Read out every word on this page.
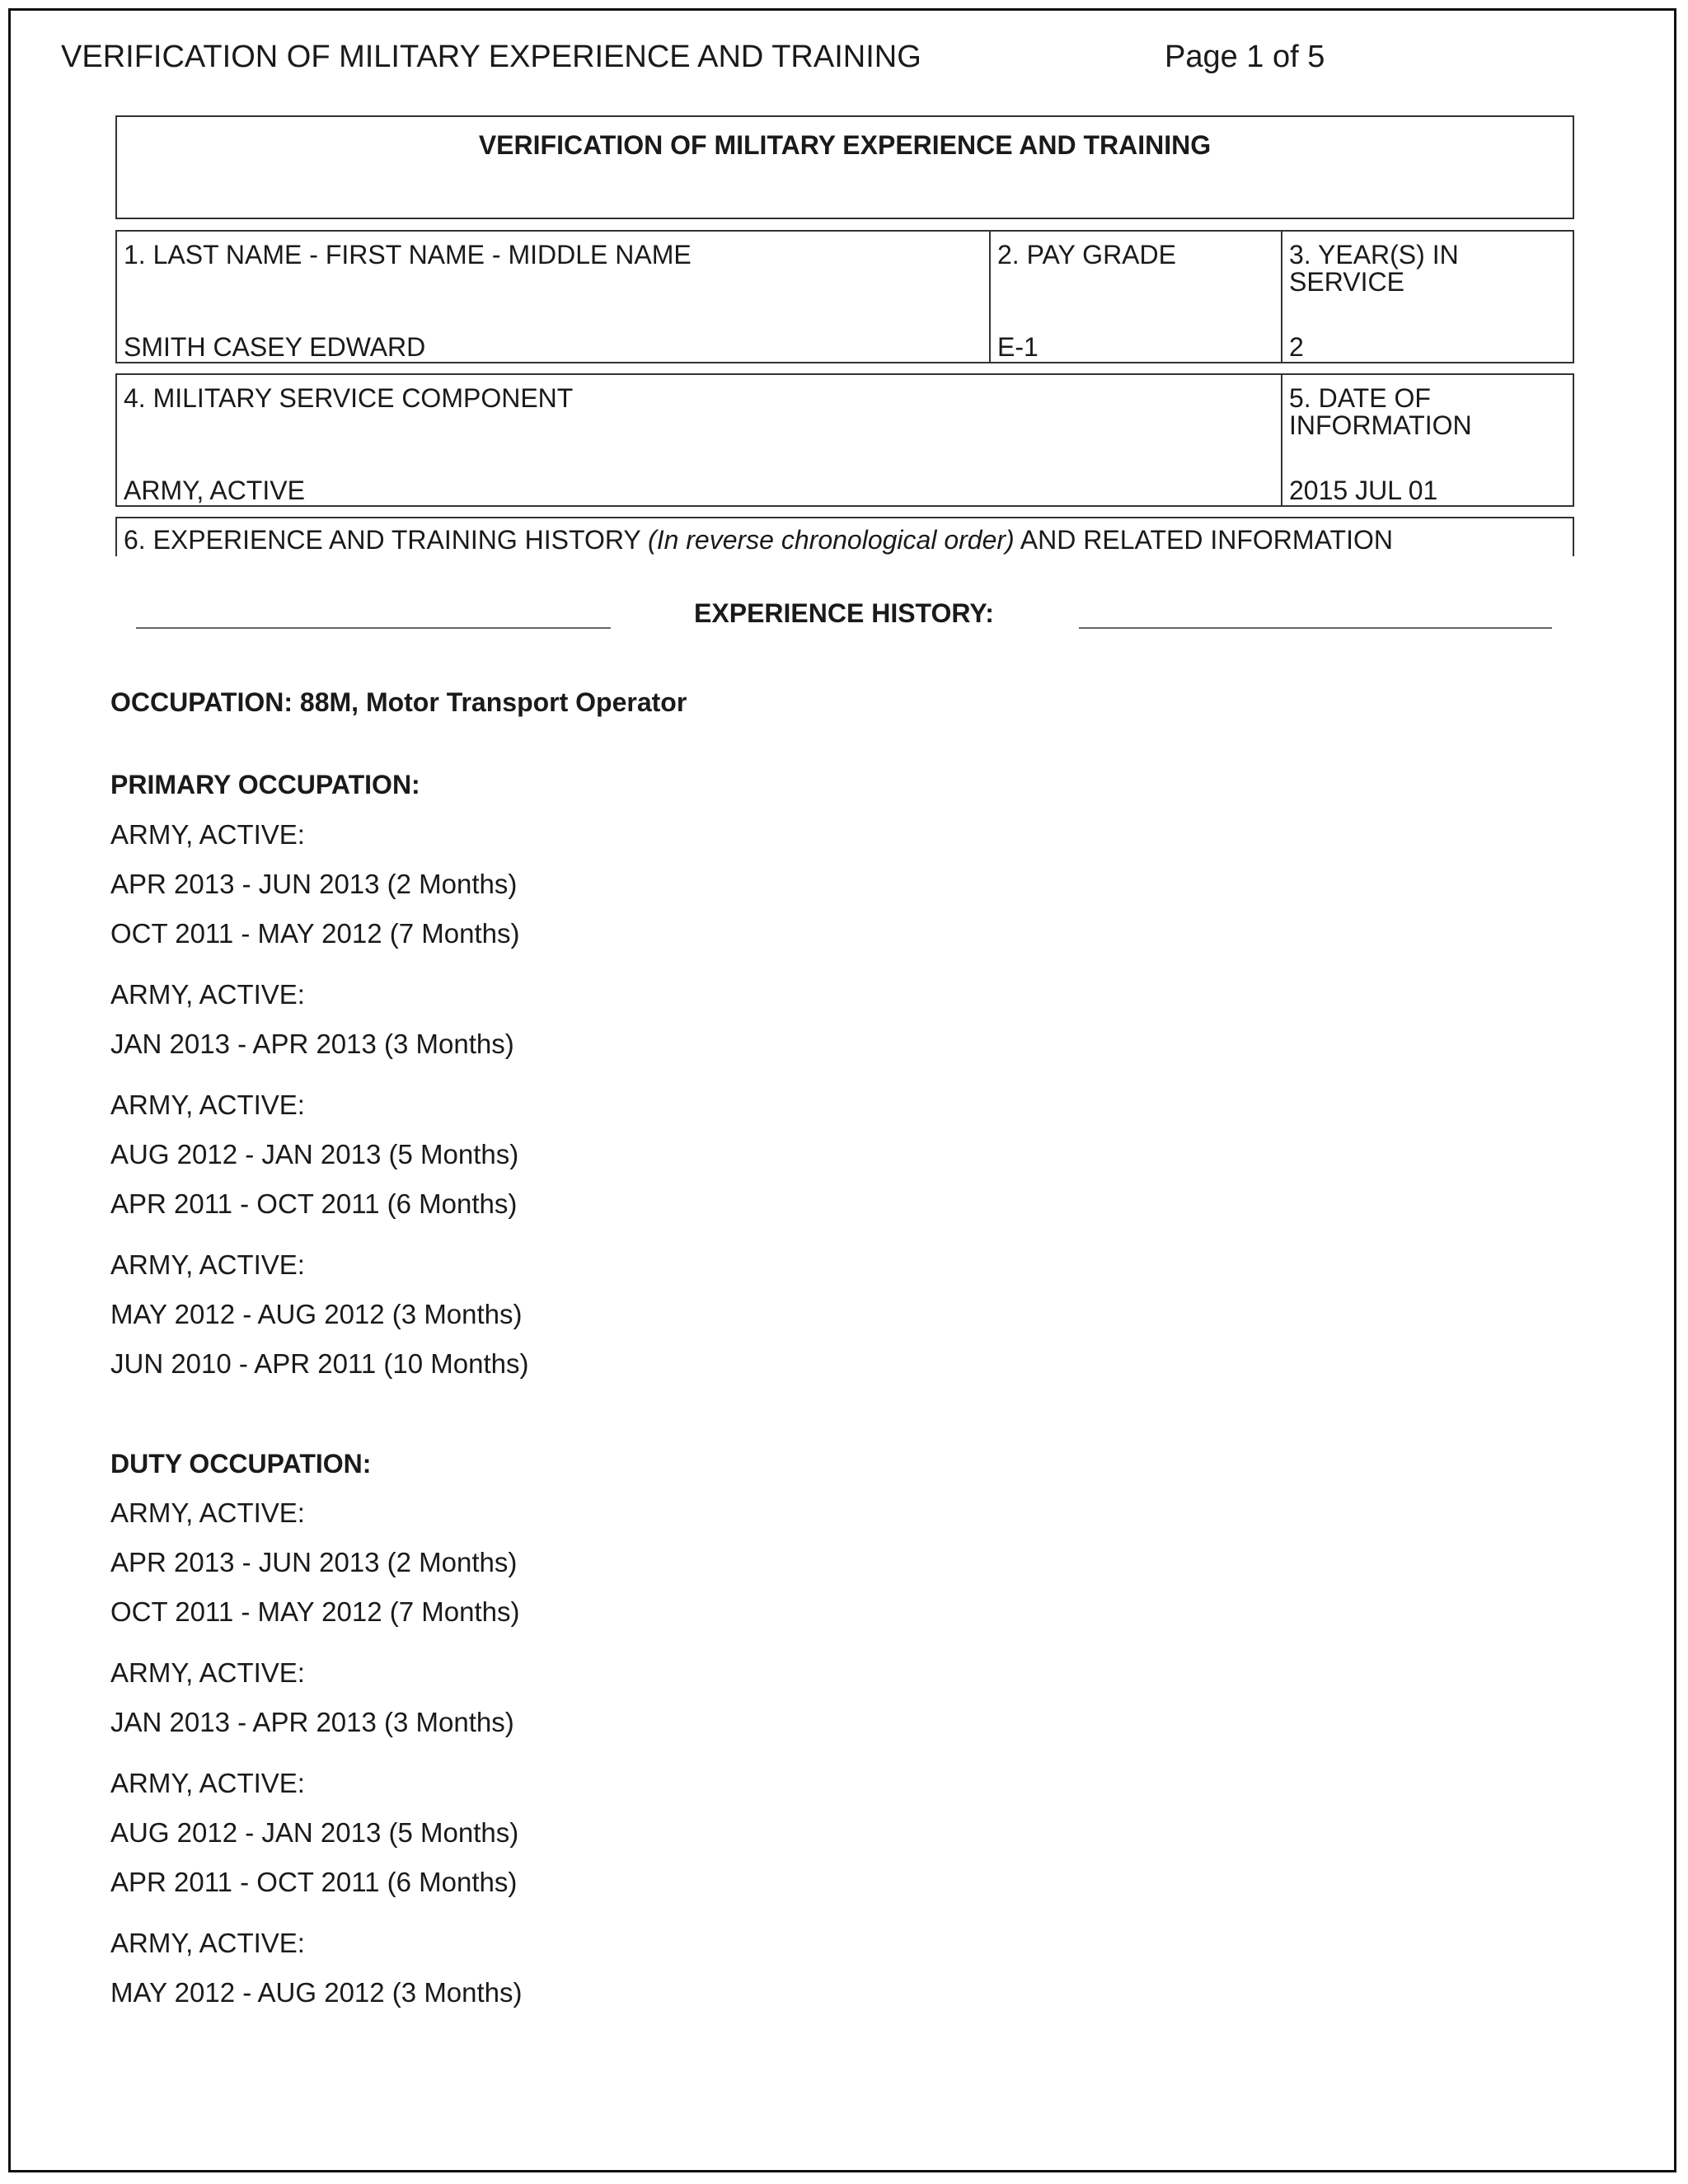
VERIFICATION OF MILITARY EXPERIENCE AND TRAINING	Page 1 of 5
VERIFICATION OF MILITARY EXPERIENCE AND TRAINING
1. LAST NAME - FIRST NAME - MIDDLE NAME
SMITH CASEY EDWARD
2. PAY GRADE
E-1
3. YEAR(S) IN
SERVICE
2
4. MILITARY SERVICE COMPONENT
ARMY, ACTIVE
5. DATE OF
INFORMATION
2015 JUL 01
6. EXPERIENCE AND TRAINING HISTORY (In reverse chronological order) AND RELATED INFORMATION
EXPERIENCE HISTORY:
OCCUPATION: 88M, Motor Transport Operator
PRIMARY OCCUPATION:
ARMY, ACTIVE:
APR 2013 - JUN 2013 (2 Months)
OCT 2011 - MAY 2012 (7 Months)
ARMY, ACTIVE:
JAN 2013 - APR 2013 (3 Months)
ARMY, ACTIVE:
AUG 2012 - JAN 2013 (5 Months)
APR 2011 - OCT 2011 (6 Months)
ARMY, ACTIVE:
MAY 2012 - AUG 2012 (3 Months)
JUN 2010 - APR 2011 (10 Months)
DUTY OCCUPATION:
ARMY, ACTIVE:
APR 2013 - JUN 2013 (2 Months)
OCT 2011 - MAY 2012 (7 Months)
ARMY, ACTIVE:
JAN 2013 - APR 2013 (3 Months)
ARMY, ACTIVE:
AUG 2012 - JAN 2013 (5 Months)
APR 2011 - OCT 2011 (6 Months)
ARMY, ACTIVE:
MAY 2012 - AUG 2012 (3 Months)
